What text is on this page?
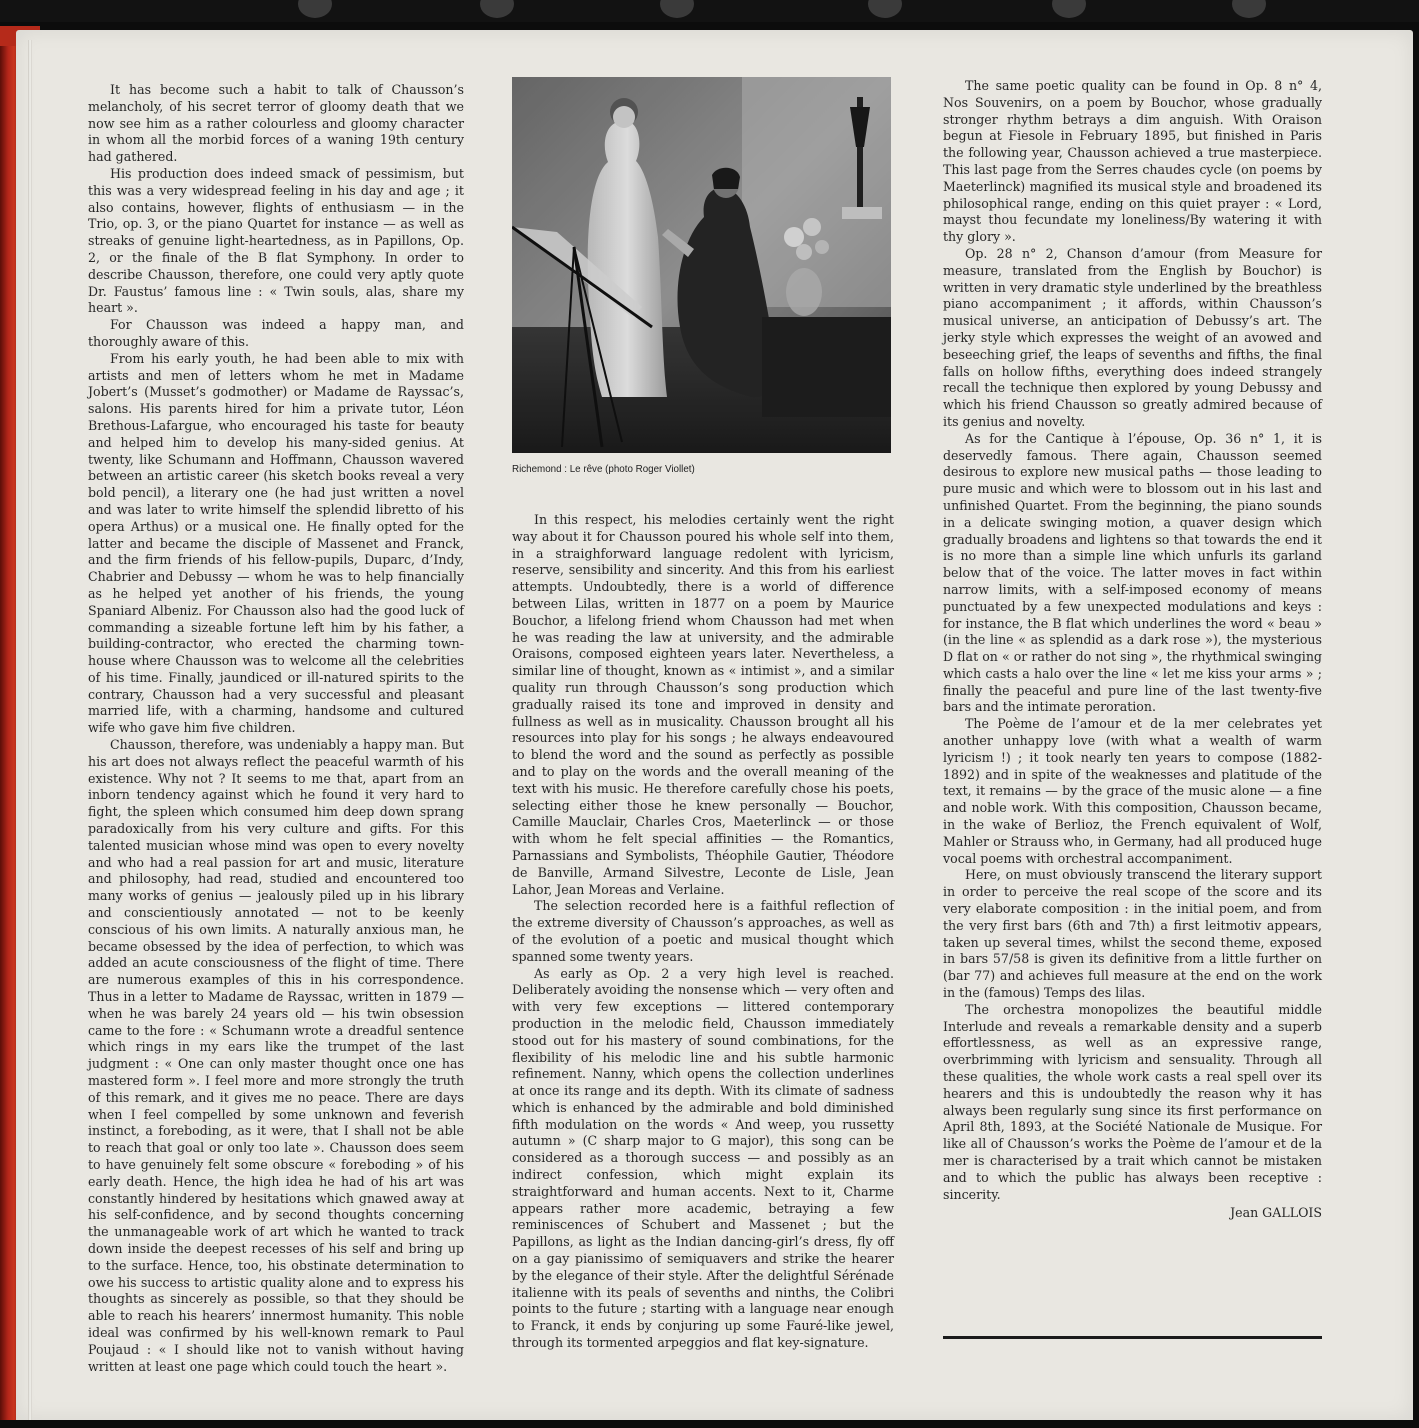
It has become such a habit to talk of Chausson’s melancholy, of his secret terror of gloomy death that we now see him as a rather colourless and gloomy character in whom all the morbid forces of a waning 19th century had gathered.

His production does indeed smack of pessimism, but this was a very widespread feeling in his day and age ; it also contains, however, flights of enthusiasm — in the Trio, op. 3, or the piano Quartet for instance — as well as streaks of genuine light-heartedness, as in Papillons, Op. 2, or the finale of the B flat Symphony. In order to describe Chausson, therefore, one could very aptly quote Dr. Faustus’ famous line : « Twin souls, alas, share my heart ».

For Chausson was indeed a happy man, and thoroughly aware of this.

From his early youth, he had been able to mix with artists and men of letters whom he met in Madame Jobert’s (Musset’s godmother) or Madame de Rayssac’s, salons. His parents hired for him a private tutor, Léon Brethous-Lafargue, who encouraged his taste for beauty and helped him to develop his many-sided genius. At twenty, like Schumann and Hoffmann, Chausson wavered between an artistic career (his sketch books reveal a very bold pencil), a literary one (he had just written a novel and was later to write himself the splendid libretto of his opera Arthus) or a musical one. He finally opted for the latter and became the disciple of Massenet and Franck, and the firm friends of his fellow-pupils, Duparc, d’Indy, Chabrier and Debussy — whom he was to help financially as he helped yet another of his friends, the young Spaniard Albeniz. For Chausson also had the good luck of commanding a sizeable fortune left him by his father, a building-contractor, who erected the charming town-house where Chausson was to welcome all the celebrities of his time. Finally, jaundiced or ill-natured spirits to the contrary, Chausson had a very successful and pleasant married life, with a charming, handsome and cultured wife who gave him five children.

Chausson, therefore, was undeniably a happy man. But his art does not always reflect the peaceful warmth of his existence. Why not ? It seems to me that, apart from an inborn tendency against which he found it very hard to fight, the spleen which consumed him deep down sprang paradoxically from his very culture and gifts. For this talented musician whose mind was open to every novelty and who had a real passion for art and music, literature and philosophy, had read, studied and encountered too many works of genius — jealously piled up in his library and conscientiously annotated — not to be keenly conscious of his own limits. A naturally anxious man, he became obsessed by the idea of perfection, to which was added an acute consciousness of the flight of time. There are numerous examples of this in his correspondence. Thus in a letter to Madame de Rayssac, written in 1879 — when he was barely 24 years old — his twin obsession came to the fore : « Schumann wrote a dreadful sentence which rings in my ears like the trumpet of the last judgment : « One can only master thought once one has mastered form ». I feel more and more strongly the truth of this remark, and it gives me no peace. There are days when I feel compelled by some unknown and feverish instinct, a foreboding, as it were, that I shall not be able to reach that goal or only too late ». Chausson does seem to have genuinely felt some obscure « foreboding » of his early death. Hence, the high idea he had of his art was constantly hindered by hesitations which gnawed away at his self-confidence, and by second thoughts concerning the unmanageable work of art which he wanted to track down inside the deepest recesses of his self and bring up to the surface. Hence, too, his obstinate determination to owe his success to artistic quality alone and to express his thoughts as sincerely as possible, so that they should be able to reach his hearers’ innermost humanity. This noble ideal was confirmed by his well-known remark to Paul Poujaud : « I should like not to vanish without having written at least one page which could touch the heart ».

Richemond : Le rêve (photo Roger Viollet)

In this respect, his melodies certainly went the right way about it for Chausson poured his whole self into them, in a straighforward language redolent with lyricism, reserve, sensibility and sincerity. And this from his earliest attempts. Undoubtedly, there is a world of difference between Lilas, written in 1877 on a poem by Maurice Bouchor, a lifelong friend whom Chausson had met when he was reading the law at university, and the admirable Oraisons, composed eighteen years later. Nevertheless, a similar line of thought, known as « intimist », and a similar quality run through Chausson’s song production which gradually raised its tone and improved in density and fullness as well as in musicality. Chausson brought all his resources into play for his songs ; he always endeavoured to blend the word and the sound as perfectly as possible and to play on the words and the overall meaning of the text with his music. He therefore carefully chose his poets, selecting either those he knew personally — Bouchor, Camille Mauclair, Charles Cros, Maeterlinck — or those with whom he felt special affinities — the Romantics, Parnassians and Symbolists, Théophile Gautier, Théodore de Banville, Armand Silvestre, Leconte de Lisle, Jean Lahor, Jean Moreas and Verlaine.

The selection recorded here is a faithful reflection of the extreme diversity of Chausson’s approaches, as well as of the evolution of a poetic and musical thought which spanned some twenty years.

As early as Op. 2 a very high level is reached. Deliberately avoiding the nonsense which — very often and with very few exceptions — littered contemporary production in the melodic field, Chausson immediately stood out for his mastery of sound combinations, for the flexibility of his melodic line and his subtle harmonic refinement. Nanny, which opens the collection underlines at once its range and its depth. With its climate of sadness which is enhanced by the admirable and bold diminished fifth modulation on the words « And weep, you russetty autumn » (C sharp major to G major), this song can be considered as a thorough success — and possibly as an indirect confession, which might explain its straightforward and human accents. Next to it, Charme appears rather more academic, betraying a few reminiscences of Schubert and Massenet ; but the Papillons, as light as the Indian dancing-girl’s dress, fly off on a gay pianissimo of semiquavers and strike the hearer by the elegance of their style. After the delightful Sérénade italienne with its peals of sevenths and ninths, the Colibri points to the future ; starting with a language near enough to Franck, it ends by conjuring up some Fauré-like jewel, through its tormented arpeggios and flat key-signature.

The same poetic quality can be found in Op. 8 n° 4, Nos Souvenirs, on a poem by Bouchor, whose gradually stronger rhythm betrays a dim anguish. With Oraison begun at Fiesole in February 1895, but finished in Paris the following year, Chausson achieved a true masterpiece. This last page from the Serres chaudes cycle (on poems by Maeterlinck) magnified its musical style and broadened its philosophical range, ending on this quiet prayer : « Lord, mayst thou fecundate my loneliness/By watering it with thy glory ».

Op. 28 n° 2, Chanson d’amour (from Measure for measure, translated from the English by Bouchor) is written in very dramatic style underlined by the breathless piano accompaniment ; it affords, within Chausson’s musical universe, an anticipation of Debussy’s art. The jerky style which expresses the weight of an avowed and beseeching grief, the leaps of sevenths and fifths, the final falls on hollow fifths, everything does indeed strangely recall the technique then explored by young Debussy and which his friend Chausson so greatly admired because of its genius and novelty.

As for the Cantique à l’épouse, Op. 36 n° 1, it is deservedly famous. There again, Chausson seemed desirous to explore new musical paths — those leading to pure music and which were to blossom out in his last and unfinished Quartet. From the beginning, the piano sounds in a delicate swinging motion, a quaver design which gradually broadens and lightens so that towards the end it is no more than a simple line which unfurls its garland below that of the voice. The latter moves in fact within narrow limits, with a self-imposed economy of means punctuated by a few unexpected modulations and keys : for instance, the B flat which underlines the word « beau » (in the line « as splendid as a dark rose »), the mysterious D flat on « or rather do not sing », the rhythmical swinging which casts a halo over the line « let me kiss your arms » ; finally the peaceful and pure line of the last twenty-five bars and the intimate peroration.

The Poème de l’amour et de la mer celebrates yet another unhappy love (with what a wealth of warm lyricism !) ; it took nearly ten years to compose (1882-1892) and in spite of the weaknesses and platitude of the text, it remains — by the grace of the music alone — a fine and noble work. With this composition, Chausson became, in the wake of Berlioz, the French equivalent of Wolf, Mahler or Strauss who, in Germany, had all produced huge vocal poems with orchestral accompaniment.

Here, on must obviously transcend the literary support in order to perceive the real scope of the score and its very elaborate composition : in the initial poem, and from the very first bars (6th and 7th) a first leitmotiv appears, taken up several times, whilst the second theme, exposed in bars 57/58 is given its definitive from a little further on (bar 77) and achieves full measure at the end on the work in the (famous) Temps des lilas.

The orchestra monopolizes the beautiful middle Interlude and reveals a remarkable density and a superb effortlessness, as well as an expressive range, overbrimming with lyricism and sensuality. Through all these qualities, the whole work casts a real spell over its hearers and this is undoubtedly the reason why it has always been regularly sung since its first performance on April 8th, 1893, at the Société Nationale de Musique. For like all of Chausson’s works the Poème de l’amour et de la mer is characterised by a trait which cannot be mistaken and to which the public has always been receptive : sincerity.

Jean GALLOIS
